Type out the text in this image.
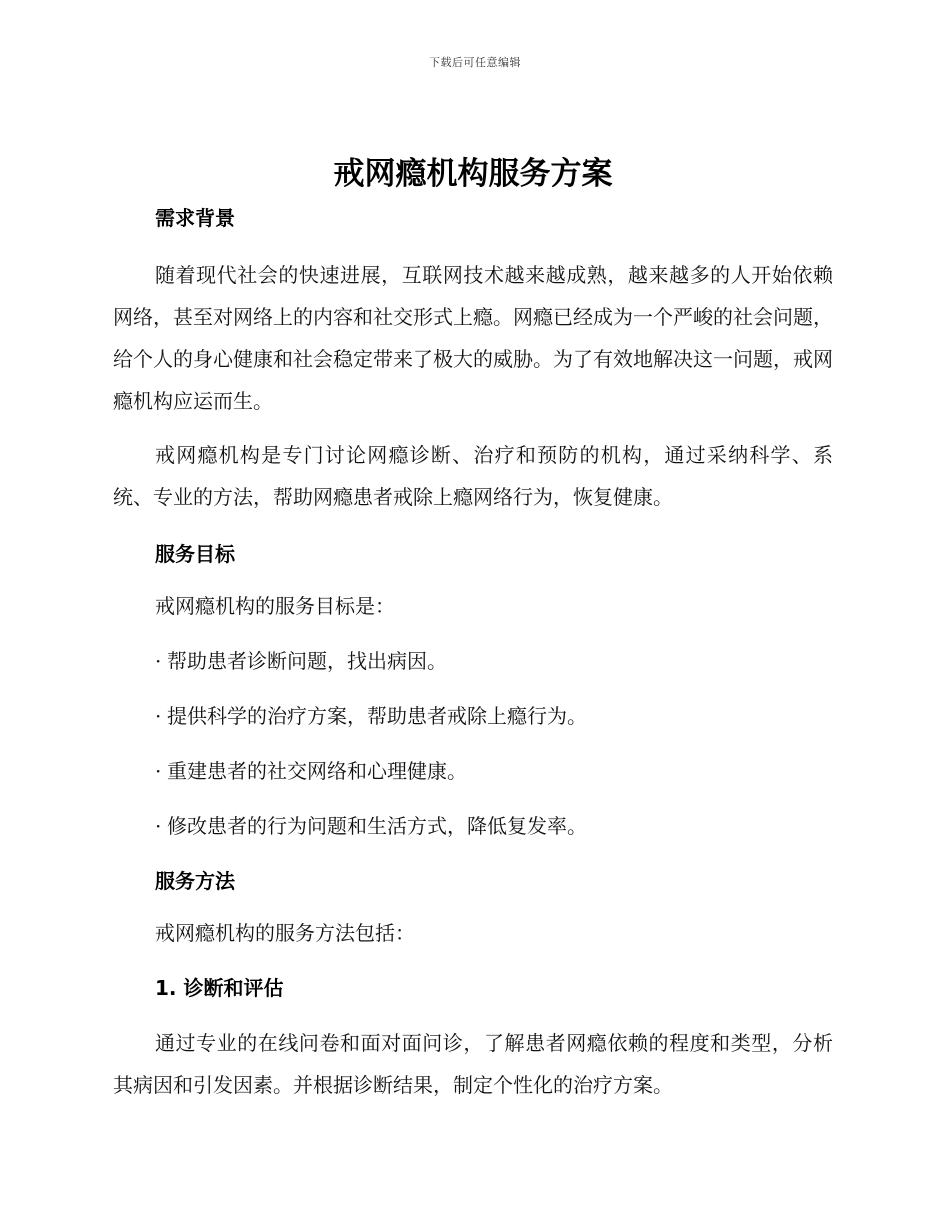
下载后可任意编辑
戒网瘾机构服务方案
需求背景

随着现代社会的快速进展，互联网技术越来越成熟，越来越多的人开始依赖网络，甚至对网络上的内容和社交形式上瘾。网瘾已经成为一个严峻的社会问题，给个人的身心健康和社会稳定带来了极大的威胁。为了有效地解决这一问题，戒网瘾机构应运而生。

戒网瘾机构是专门讨论网瘾诊断、治疗和预防的机构，通过采纳科学、系统、专业的方法，帮助网瘾患者戒除上瘾网络行为，恢复健康。

服务目标
戒网瘾机构的服务目标是：
· 帮助患者诊断问题，找出病因。
· 提供科学的治疗方案，帮助患者戒除上瘾行为。
· 重建患者的社交网络和心理健康。
· 修改患者的行为问题和生活方式，降低复发率。
服务方法
戒网瘾机构的服务方法包括：
1. 诊断和评估

通过专业的在线问卷和面对面问诊，了解患者网瘾依赖的程度和类型，分析其病因和引发因素。并根据诊断结果，制定个性化的治疗方案。
